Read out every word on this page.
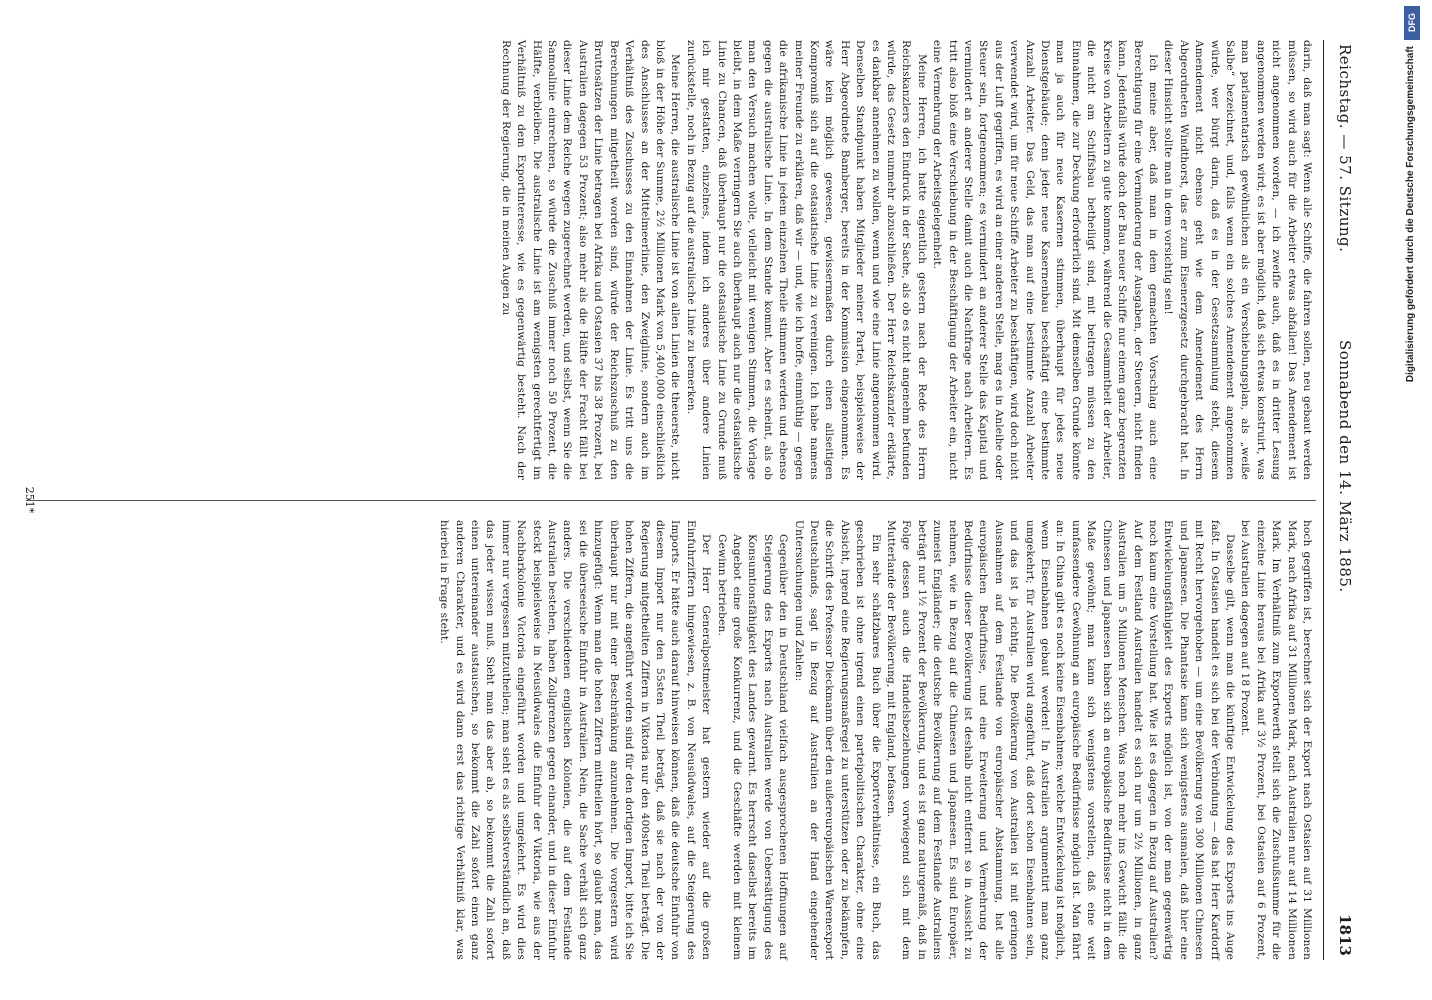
Reichstag. — 57. Sitzung.
Sonnabend den 14. März 1885.
1813

darin, daß man sagt: Wenn alle Schiffe, die fahren sollen, neu gebaut werden müssen, so wird auch für die Arbeiter etwas abfallen! Das Amendement ist nicht angenommen worden, — ich zweifle auch, daß es in dritter Lesung angenommen werden wird; es ist aber möglich, daß sich etwas konstruirt, was man parlamentarisch gewöhnlichen als ein Verschiebungsplan, als „weiße Salbe“ bezeichnet, und, falls wenn ein solches Amendement angenommen würde, wer bürgt darin, daß es in der Gesetzsammlung steht, diesem Amendement nicht ebenso geht wie dem Amendement des Herrn Abgeordneten Windthorst, das er zum Eisenerzgesetz durchgebracht hat. In dieser Hinsicht sollte man in dem vorsichtig sein!

Ich meine aber, daß man in dem gemachten Vorschlag auch eine Berechtigung für eine Verminderung der Ausgaben, der Steuern, nicht finden kann. Jedenfalls würde doch der Bau neuer Schiffe nur einem ganz begrenzten Kreise von Arbeitern zu gute kommen, während die Gesammtheit der Arbeiter, die nicht am Schiffsbau betheiligt sind, mit beitragen müssen zu den Einnahmen, die zur Deckung erforderlich sind. Mit demselben Grunde könnte man ja auch für neue Kasernen stimmen, überhaupt für jedes neue Dienstgebäude; denn jeder neue Kasernenbau beschäftigt eine bestimmte Anzahl Arbeiter. Das Geld, das man auf eine bestimmte Anzahl Arbeiter verwendet wird, um für neue Schiffe Arbeiter zu beschäftigen, wird doch nicht aus der Luft gegriffen, es wird an einer anderen Stelle, mag es in Anleihe oder Steuer sein, fortgenommen; es vermindert an anderer Stelle das Kapital und vermindert an anderer Stelle damit auch die Nachfrage nach Arbeitern. Es tritt also bloß eine Verschiebung in der Beschäftigung der Arbeiter ein, nicht eine Vermehrung der Arbeitsgelegenheit.

Meine Herren, ich hatte eigentlich gestern nach der Rede des Herrn Reichskanzlers den Eindruck in der Sache, als ob es nicht angenehm befunden würde, das Gesetz nunmehr abzuschließen. Der Herr Reichskanzler erklärte, es dankbar annehmen zu wollen, wenn und wie eine Linie angenommen wird. Denselben Standpunkt haben Mitglieder meiner Partei, beispielsweise der Herr Abgeordnete Bamberger, bereits in der Kommission eingenommen. Es wäre kein möglich gewesen, gewissermaßen durch einen allseitigen Kompromiß sich auf die ostasiatische Linie zu vereinigen. Ich habe namens meiner Freunde zu erklären, daß wir — und, wie ich hoffe, einmüthig — gegen die afrikanische Linie in jedem einzelnen Theile stimmen werden und ebenso gegen die australische Linie. In dem Stande kommt. Aber es scheint, als ob man den Versuch machen wolle, vielleicht mit wenigen Stimmen, die Vorlage bleibt, in dem Maße verringern Sie auch überhaupt auch nur die ostasiatische Linie zu Chancen, daß überhaupt nur die ostasiatische Linie zu Grunde muß ich mir gestatten, einzelnes, indem ich anderes über andere Linien zurückstelle, noch in Bezug auf die australische Linie zu bemerken.

Meine Herren, die australische Linie ist von allen Linien die theuerste, nicht bloß in der Höhe der Summe, 2½ Millionen Mark von 5,400,000 einschließlich des Anschlusses an der Mittelmeerlinie, den Zweiglinie, sondern auch im Verhältniß des Zuschusses zu den Einnahmen der Linie. Es tritt uns die Berechnungen mitgetheilt worden sind, würde der Reichszuschuß zu den Bruttosätzen der Linie betragen bei Afrika und Ostasien 37 bis 38 Prozent, bei Australien dagegen 53 Prozent; also mehr als die Hälfte der Fracht fällt bei dieser Linie dem Reiche wegen zugerechnet werden, und selbst, wenn Sie die Samoalinie einrechnen, so würde die Zuschuß immer noch 50 Prozent, die Hälfte, verbleiben. Die australische Linie ist am wenigsten gerechtfertigt im Verhältniß zu dem Exportinteresse, wie es gegenwärtig besteht. Nach der Rechnung der Regierung, die in meinen Augen zu

hoch gegriffen ist, berechnet sich der Export nach Ostasien auf 31 Millionen Mark, nach Afrika auf 31 Millionen Mark, nach Australien nur auf 14 Millionen Mark. Im Verhältniß zum Exportwerth stellt sich die Zuschußsumme für die einzelne Linie heraus bei Afrika auf 3½ Prozent, bei Ostasien auf 6 Prozent, bei Australien dagegen auf 18 Prozent.

Dasselbe gilt, wenn man die künftige Entwickelung des Exports ins Auge faßt. In Ostasien handelt es sich bei der Verbindung — das hat Herr Kardorff mit Recht hervorgehoben — um eine Bevölkerung von 300 Millionen Chinesen und Japanesen. Die Phantasie kann sich wenigstens ausmalen, daß hier eine Entwickelungsfähigkeit des Exports möglich ist, von der man gegenwärtig noch kaum eine Vorstellung hat. Wie ist es dagegen in Bezug auf Australien? Auf dem Festland Australien handelt es sich nur um 2½ Millionen, in ganz Australien um 5 Millionen Menschen. Was noch mehr ins Gewicht fällt: die Chinesen und Japanesen haben sich an europäische Bedürfnisse nicht in dem Maße gewöhnt; man kann sich wenigstens vorstellen, daß eine weit umfassendere Gewöhnung an europäische Bedürfnisse möglich ist. Man fährt an: In China gibt es noch keine Eisenbahnen; welche Entwickelung ist möglich, wenn Eisenbahnen gebaut werden! In Australien argumentirt man ganz umgekehrt; für Australien wird angeführt, daß dort schon Eisenbahnen sein, und das ist ja richtig. Die Bevölkerung von Australien ist mit geringen Ausnahmen auf dem Festlande von europäischer Abstammung, hat alle europäischen Bedürfnisse, und eine Erweiterung und Vermehrung der Bedürfnisse dieser Bevölkerung ist deshalb nicht entfernt so in Aussicht zu nehmen, wie in Bezug auf die Chinesen und Japanesen. Es sind Europäer, zumeist Engländer; die deutsche Bevölkerung auf dem Festlande Australiens beträgt nur 1½ Prozent der Bevölkerung, und es ist ganz naturgemäß, daß in Folge dessen auch die Handelsbeziehungen vorwiegend sich mit dem Mutterlande der Bevölkerung, mit England, befassen.

Ein sehr schätzbares Buch über die Exportverhältnisse, ein Buch, das geschrieben ist ohne irgend einen parteipolitischen Charakter, ohne eine Absicht, irgend eine Regierungsmaßregel zu unterstützen oder zu bekämpfen, die Schrift des Professor Dieckmann über den außereuropäischen Warenexport Deutschlands, sagt in Bezug auf Australien an der Hand eingehender Untersuchungen und Zahlen:

Gegenüber den in Deutschland vielfach ausgesprochenen Hoffnungen auf Steigerung des Exports nach Australien werde von Uebersättigung des Konsumtionsfähigkeit des Landes gewarnt. Es herrscht daselbst bereits im Angebot eine große Konkurrenz, und die Geschäfte werden mit kleinem Gewinn betrieben.

Der Herr Generalpostmeister hat gestern wieder auf die großen Einfuhrziffern hingewiesen, z. B. von Neusüdwales, auf die Steigerung des Imports. Er hätte auch darauf hinweisen können, daß die deutsche Einfuhr von diesem Import nur den 55sten Theil beträgt, daß sie nach der von der Regierung mitgetheilten Ziffern in Viktoria nur den 400sten Theil beträgt. Die hohen Ziffern, die angeführt worden sind für den dortigen Import, bitte ich Sie überhaupt nur mit einer Beschränkung anzunehmen. Die vorgestern wird hinzugefügt: Wenn man die hohen Ziffern mittheilen hört, so glaubt man, das sei die überseeische Einfuhr in Australien. Nein, die Sache verhält sich ganz anders. Die verschiedenen englischen Kolonien, die auf dem Festlande Australien bestehen, haben Zollgrenzen gegen einander, und in dieser Einfuhr steckt beispielsweise in Neusüdwales die Einfuhr der Viktoria, wie aus der Nachbarkolonie Victoria eingeführt worden und umgekehrt. Es wird dies immer nur vergessen mitzutheilen; man sieht es als selbstverständlich an, daß das jeder wissen muß. Sieht man das aber ab, so bekommt die Zahl sofort einen untereinander austauschen, so bekommt die Zahl sofort einen ganz anderen Charakter, und es wird dann erst das richtige Verhältniß klar, was hierbei in Frage steht.

251*
DFG
Digitalisierung gefördert durch die Deutsche Forschungsgemeinschaft
